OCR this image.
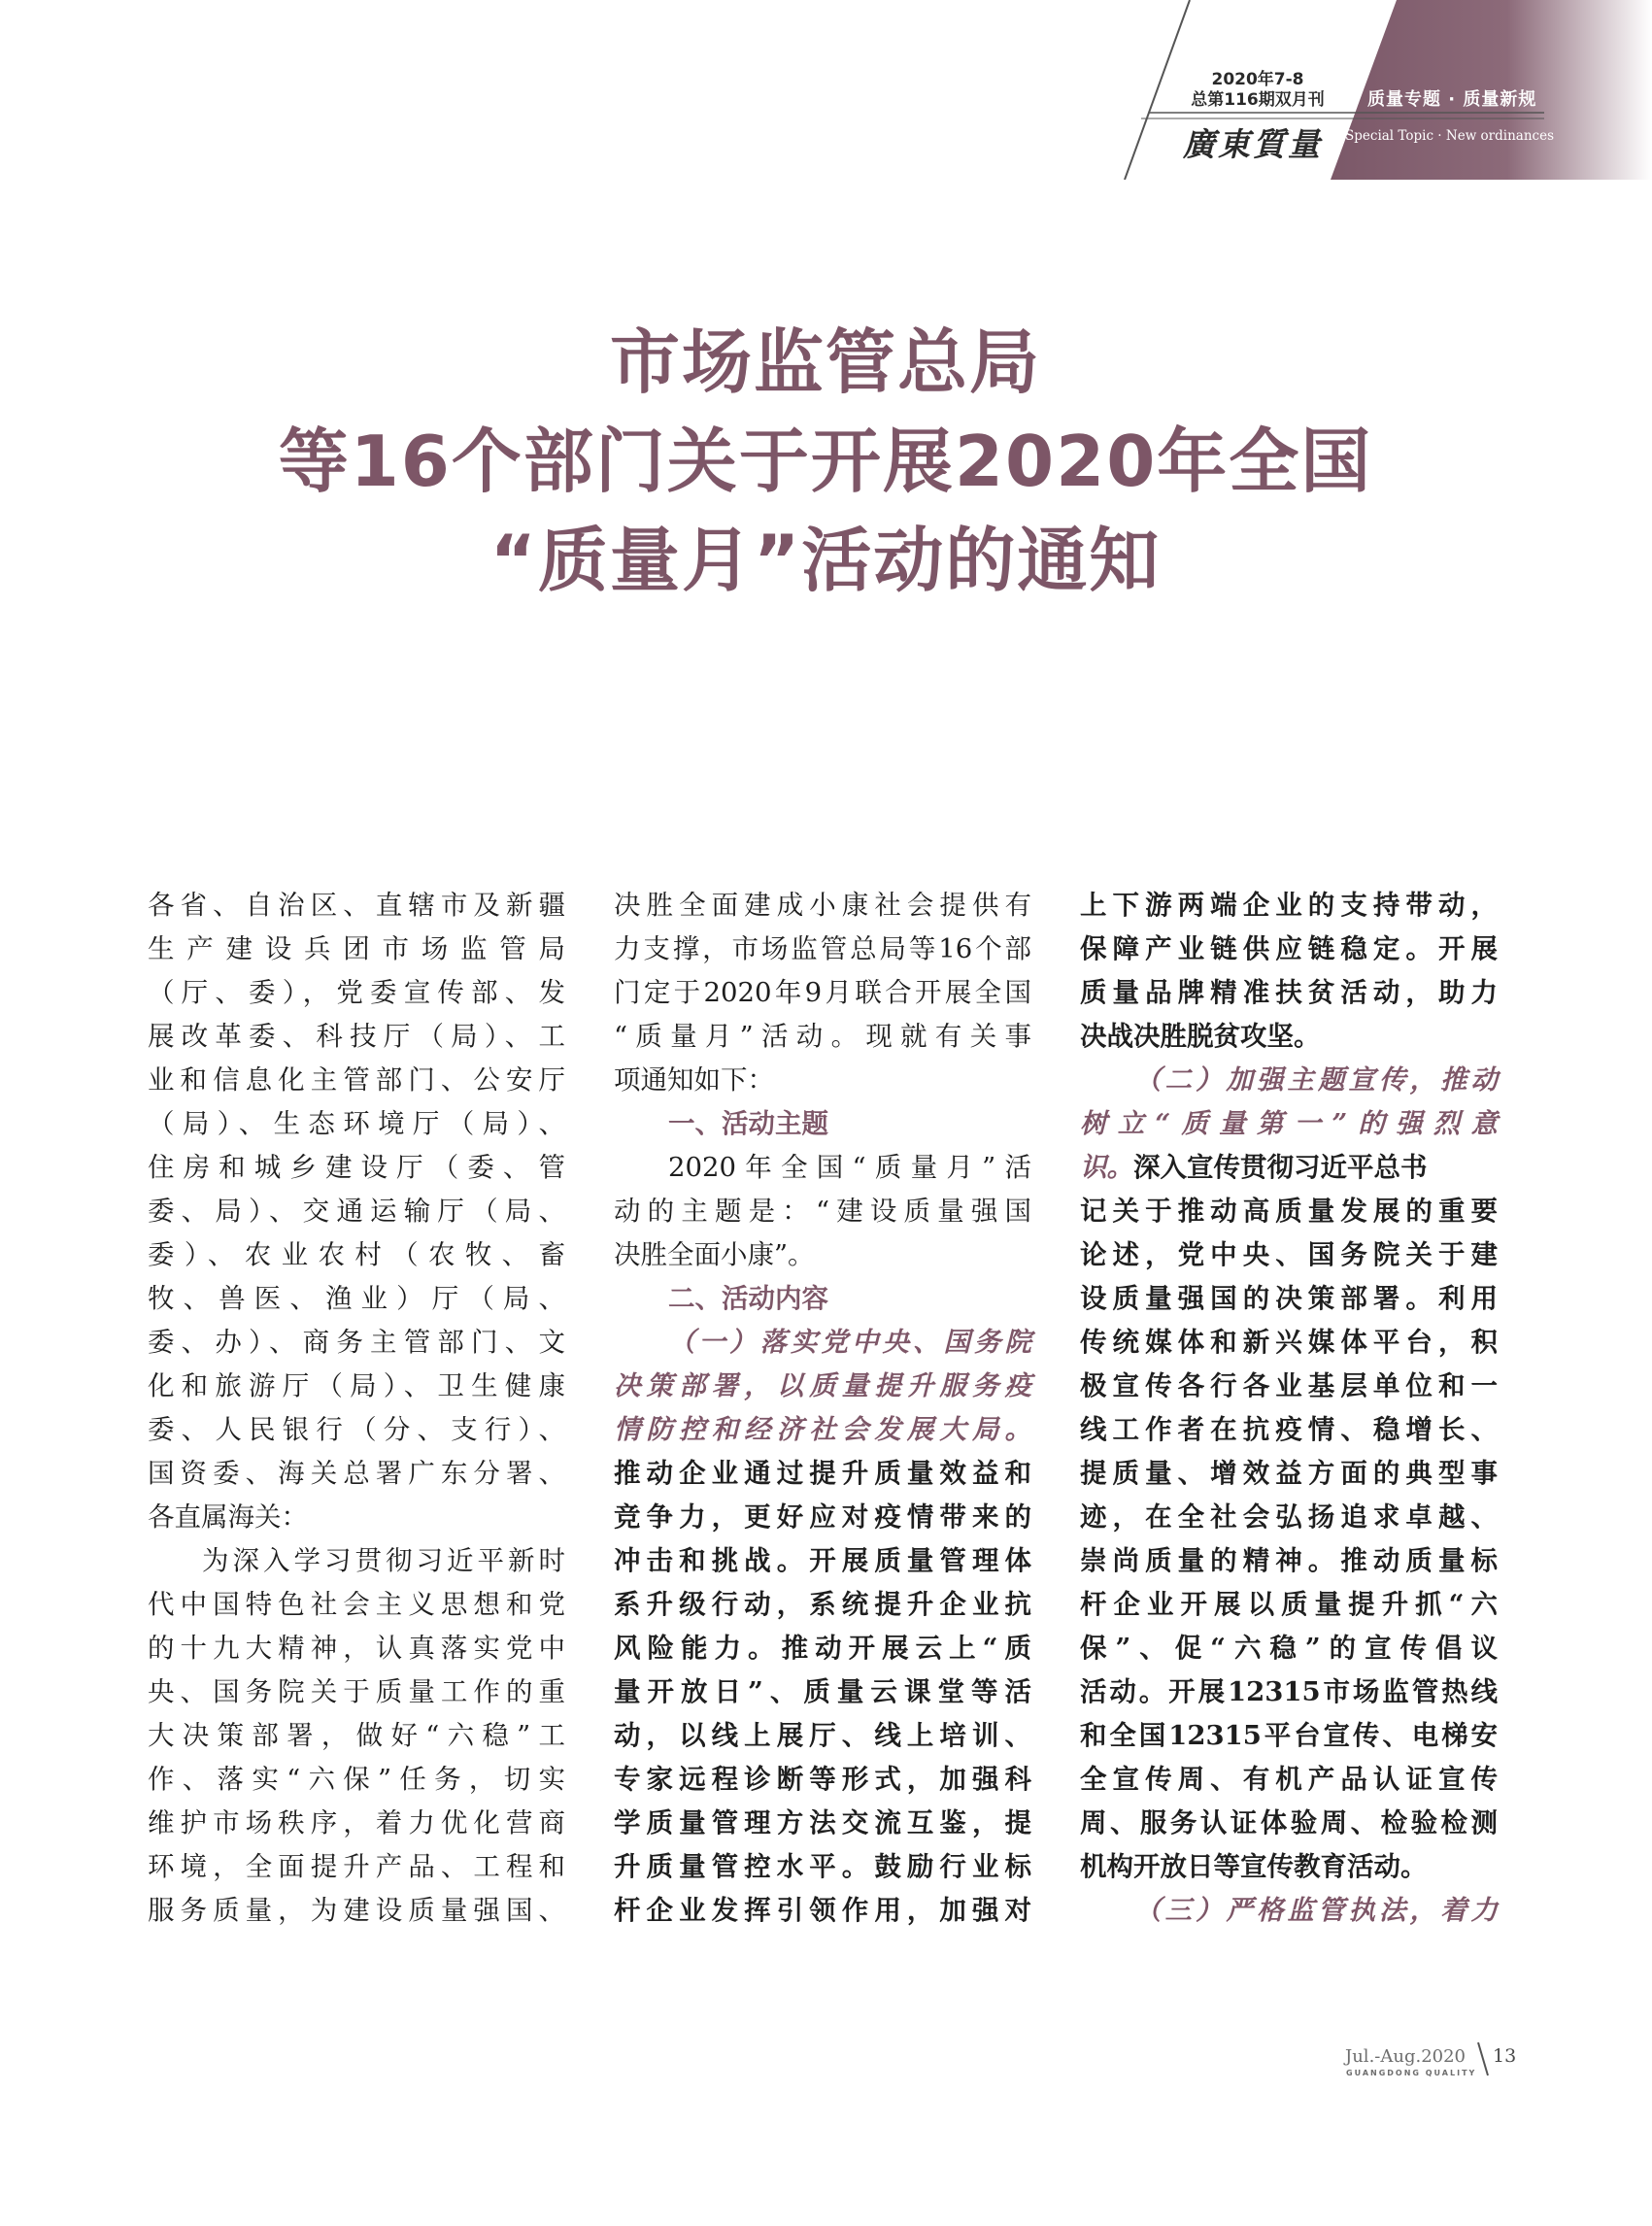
2020年7-8
总第116期双月刊
廣東質量
质量专题 · 质量新规
Special Topic · New ordinances
市场监管总局
等16个部门关于开展2020年全国
“质量月”活动的通知
各省、自治区、直辖市及新疆
生产建设兵团市场监管局
（厅、委），党委宣传部、发
展改革委、科技厅（局）、工
业和信息化主管部门、公安厅
（局）、生态环境厅（局）、
住房和城乡建设厅（委、管
委、局）、交通运输厅（局、
委）、农业农村（农牧、畜
牧、兽医、渔业）厅（局、
委、办）、商务主管部门、文
化和旅游厅（局）、卫生健康
委、人民银行（分、支行）、
国资委、海关总署广东分署、
各直属海关：
为深入学习贯彻习近平新时
代中国特色社会主义思想和党
的十九大精神，认真落实党中
央、国务院关于质量工作的重
大决策部署，做好“六稳”工
作、落实“六保”任务，切实
维护市场秩序，着力优化营商
环境，全面提升产品、工程和
服务质量，为建设质量强国、
决胜全面建成小康社会提供有
力支撑，市场监管总局等16个部
门定于2020年9月联合开展全国
“质量月”活动。现就有关事
项通知如下：
一、活动主题
2020年全国“质量月”活
动的主题是：“建设质量强国
决胜全面小康”。
二、活动内容
（一）落实党中央、国务院
决策部署，以质量提升服务疫
情防控和经济社会发展大局。
推动企业通过提升质量效益和
竞争力，更好应对疫情带来的
冲击和挑战。开展质量管理体
系升级行动，系统提升企业抗
风险能力。推动开展云上“质
量开放日”、质量云课堂等活
动，以线上展厅、线上培训、
专家远程诊断等形式，加强科
学质量管理方法交流互鉴，提
升质量管控水平。鼓励行业标
杆企业发挥引领作用，加强对
上下游两端企业的支持带动，
保障产业链供应链稳定。开展
质量品牌精准扶贫活动，助力
决战决胜脱贫攻坚。
（二）加强主题宣传，推动
树立“质量第一”的强烈意
识。深入宣传贯彻习近平总书
记关于推动高质量发展的重要
论述，党中央、国务院关于建
设质量强国的决策部署。利用
传统媒体和新兴媒体平台，积
极宣传各行各业基层单位和一
线工作者在抗疫情、稳增长、
提质量、增效益方面的典型事
迹，在全社会弘扬追求卓越、
崇尚质量的精神。推动质量标
杆企业开展以质量提升抓“六
保”、促“六稳”的宣传倡议
活动。开展12315市场监管热线
和全国12315平台宣传、电梯安
全宣传周、有机产品认证宣传
周、服务认证体验周、检验检测
机构开放日等宣传教育活动。
（三）严格监管执法，着力
Jul.-Aug.2020
GUANGDONG QUALITY
13
